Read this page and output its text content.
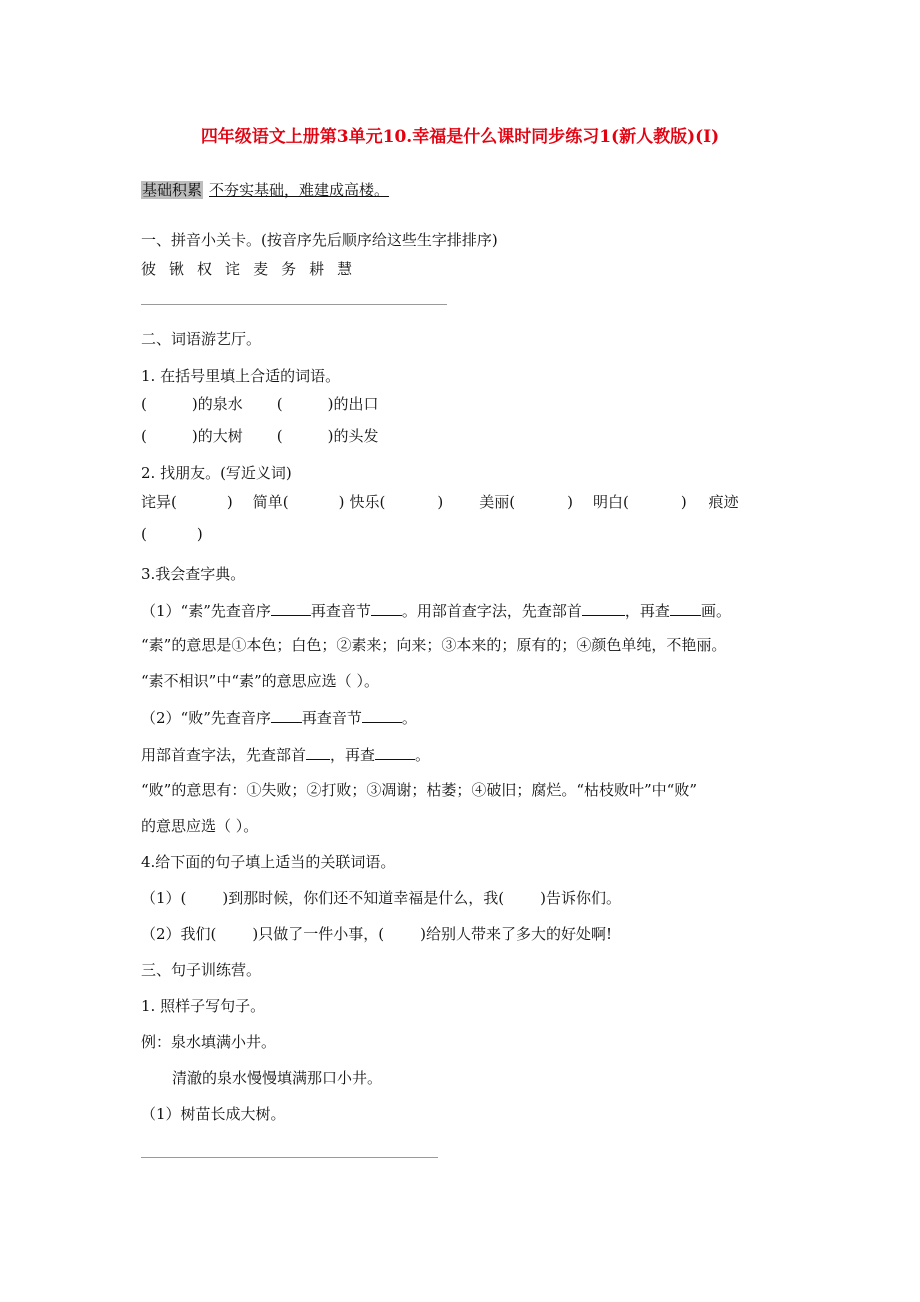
四年级语文上册第3单元10.幸福是什么课时同步练习1(新人教版)(I)
基础积累 不夯实基础，难建成高楼。
一、拼音小关卡。(按音序先后顺序给这些生字排排序)
彼 锹 权 诧 麦 务 耕 慧
二、词语游艺厅。
1. 在括号里填上合适的词语。
(	)的泉水 (	)的出口
(	)的大树 (	)的头发
2. 找朋友。(写近义词)
诧异(	) 简单(	) 快乐(	) 美丽(	) 明白(	) 痕迹
(	)
3.我会查字典。
（1）“素”先查音序	再查音节 。用部首查字法，先查部首	，再查 画。
“素”的意思是①本色；白色；②素来；向来；③本来的；原有的；④颜色单纯，不艳丽。
“素不相识”中“素”的意思应选（ ）。
（2）“败”先查音序 再查音节	。
用部首查字法，先查部首 ，再查	。
“败”的意思有：①失败；②打败；③凋谢；枯萎；④破旧；腐烂。“枯枝败叶”中“败”
的意思应选（ ）。
4.给下面的句子填上适当的关联词语。
（1）( )到那时候，你们还不知道幸福是什么，我( )告诉你们。
（2）我们( )只做了一件小事，( )给别人带来了多大的好处啊!
三、句子训练营。
1. 照样子写句子。
例：泉水填满小井。
清澈的泉水慢慢填满那口小井。
（1）树苗长成大树。
